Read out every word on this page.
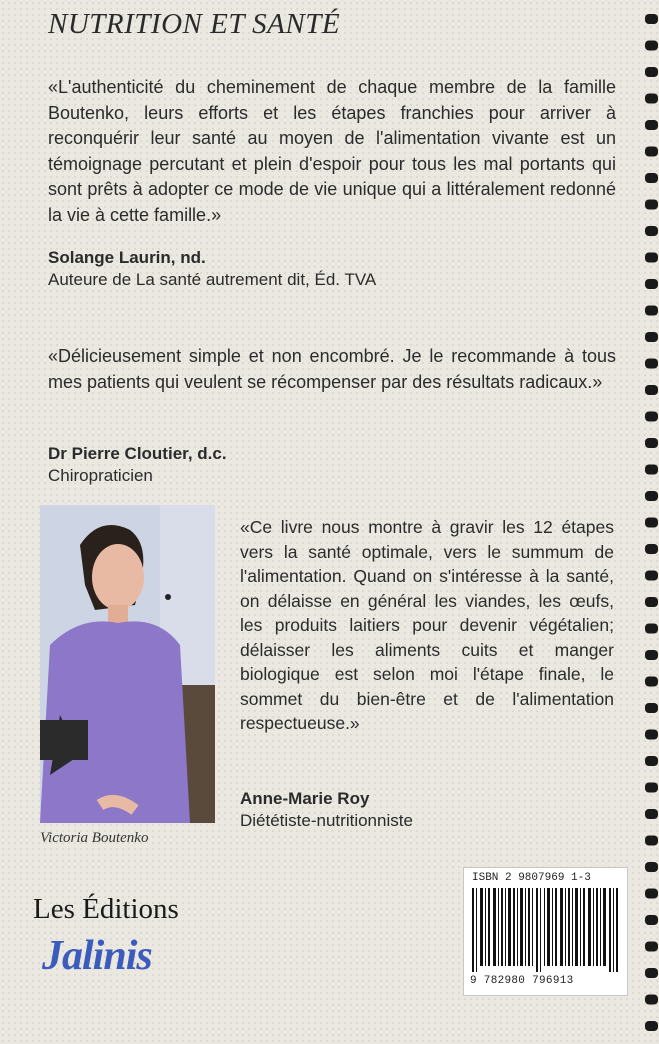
NUTRITION ET SANTÉ
«L'authenticité du cheminement de chaque membre de la famille Boutenko, leurs efforts et les étapes franchies pour arriver à reconquérir leur santé au moyen de l'alimentation vivante est un témoignage percutant et plein d'espoir pour tous les mal portants qui sont prêts à adopter ce mode de vie unique qui a littéralement redonné la vie à cette famille.»
Solange Laurin, nd.
Auteure de La santé autrement dit, Éd. TVA
«Délicieusement simple et non encombré. Je le recommande à tous mes patients qui veulent se récompenser par des résultats radicaux.»
Dr Pierre Cloutier, d.c.
Chiropraticien
Victoria Boutenko
«Ce livre nous montre à gravir les 12 étapes vers la santé optimale, vers le summum de l'alimentation. Quand on s'intéresse à la santé, on délaisse en général les viandes, les œufs, les produits laitiers pour devenir végétalien; délaisser les aliments cuits et manger biologique est selon moi l'étape finale, le sommet du bien-être et de l'alimentation respectueuse.»
Anne-Marie Roy
Diététiste-nutritionniste
Les Éditions
Jalinis
ISBN 2 9807969 1-3
9 782980 796913
